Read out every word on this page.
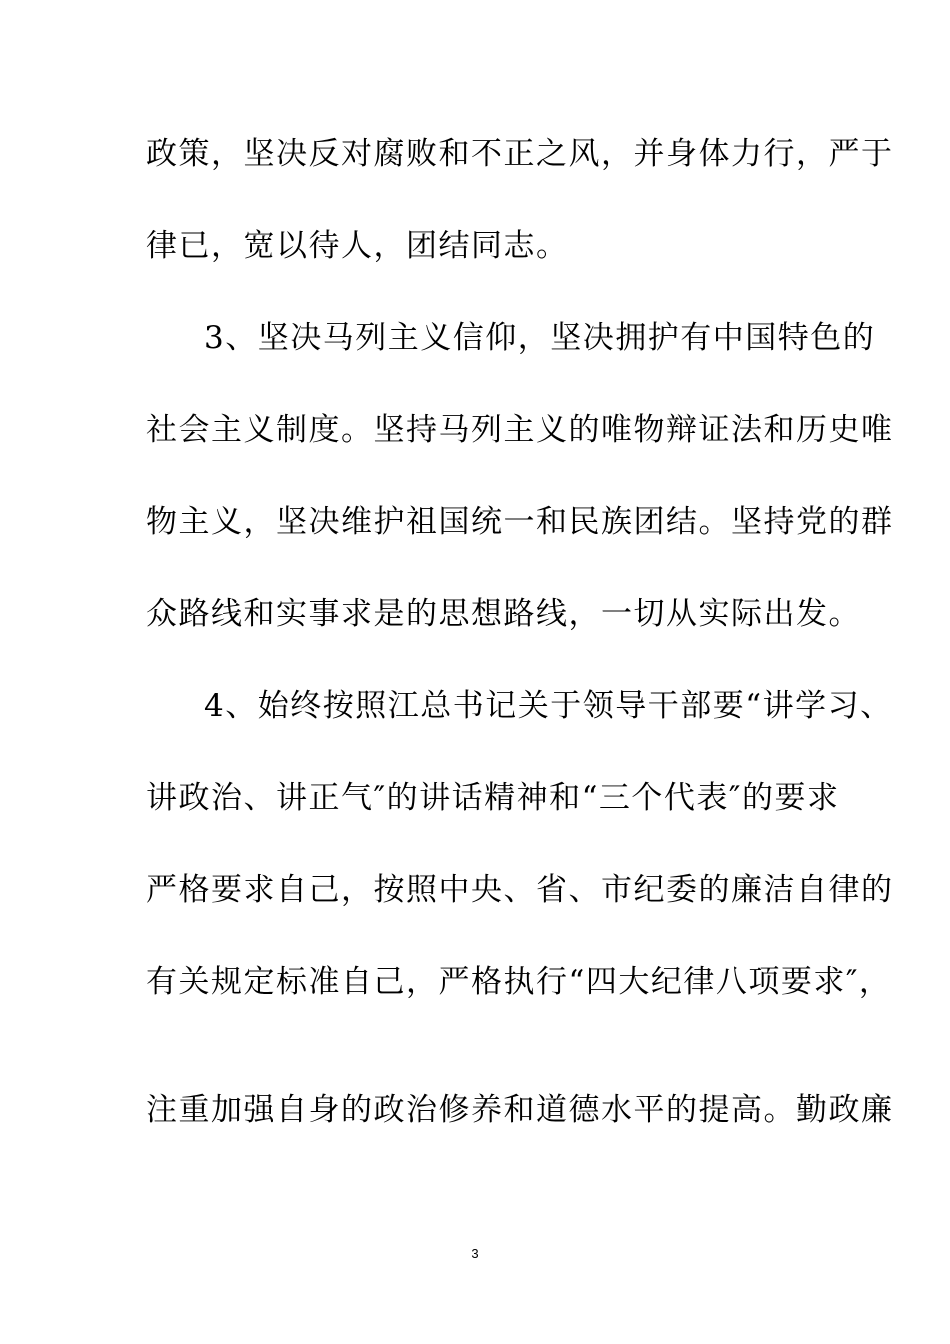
政策，坚决反对腐败和不正之风，并身体力行，严于
律已，宽以待人，团结同志。
3、坚决马列主义信仰，坚决拥护有中国特色的
社会主义制度。坚持马列主义的唯物辩证法和历史唯
物主义，坚决维护祖国统一和民族团结。坚持党的群
众路线和实事求是的思想路线，一切从实际出发。
4、始终按照江总书记关于领导干部要“讲学习、
讲政治、讲正气″的讲话精神和“三个代表″的要求
严格要求自己，按照中央、省、市纪委的廉洁自律的
有关规定标准自己，严格执行“四大纪律八项要求″，
注重加强自身的政治修养和道德水平的提高。勤政廉
3
